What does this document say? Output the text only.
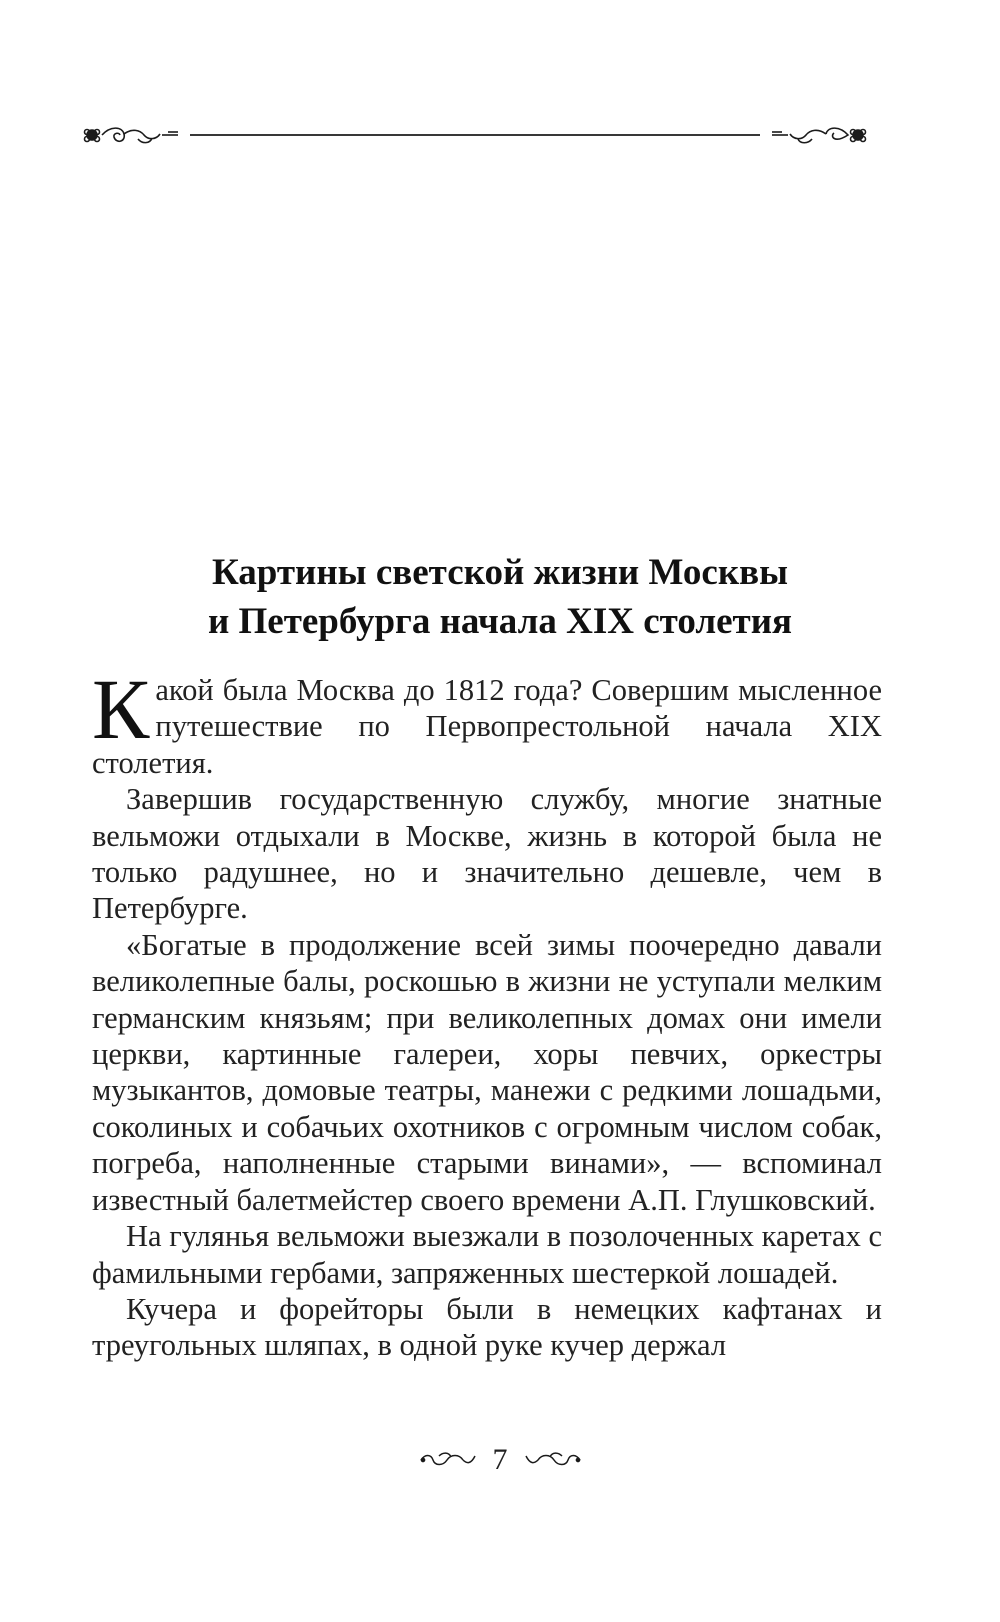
Картины светской жизни Москвы
и Петербурга начала XIX столетия

Какой была Москва до 1812 года? Совершим мысленное путешествие по Первопрестольной начала XIX столетия.

Завершив государственную службу, многие знатные вельможи отдыхали в Москве, жизнь в которой была не только радушнее, но и значительно дешевле, чем в Петербурге.

«Богатые в продолжение всей зимы поочередно давали великолепные балы, роскошью в жизни не уступали мелким германским князьям; при великолепных домах они имели церкви, картинные галереи, хоры певчих, оркестры музыкантов, домовые театры, манежи с редкими лошадьми, соколиных и собачьих охотников с огромным числом собак, погреба, наполненные старыми винами», — вспоминал известный балетмейстер своего времени А.П. Глушковский.

На гулянья вельможи выезжали в позолоченных каретах с фамильными гербами, запряженных шестеркой лошадей.

Кучера и форейторы были в немецких кафтанах и треугольных шляпах, в одной руке кучер держал

7
